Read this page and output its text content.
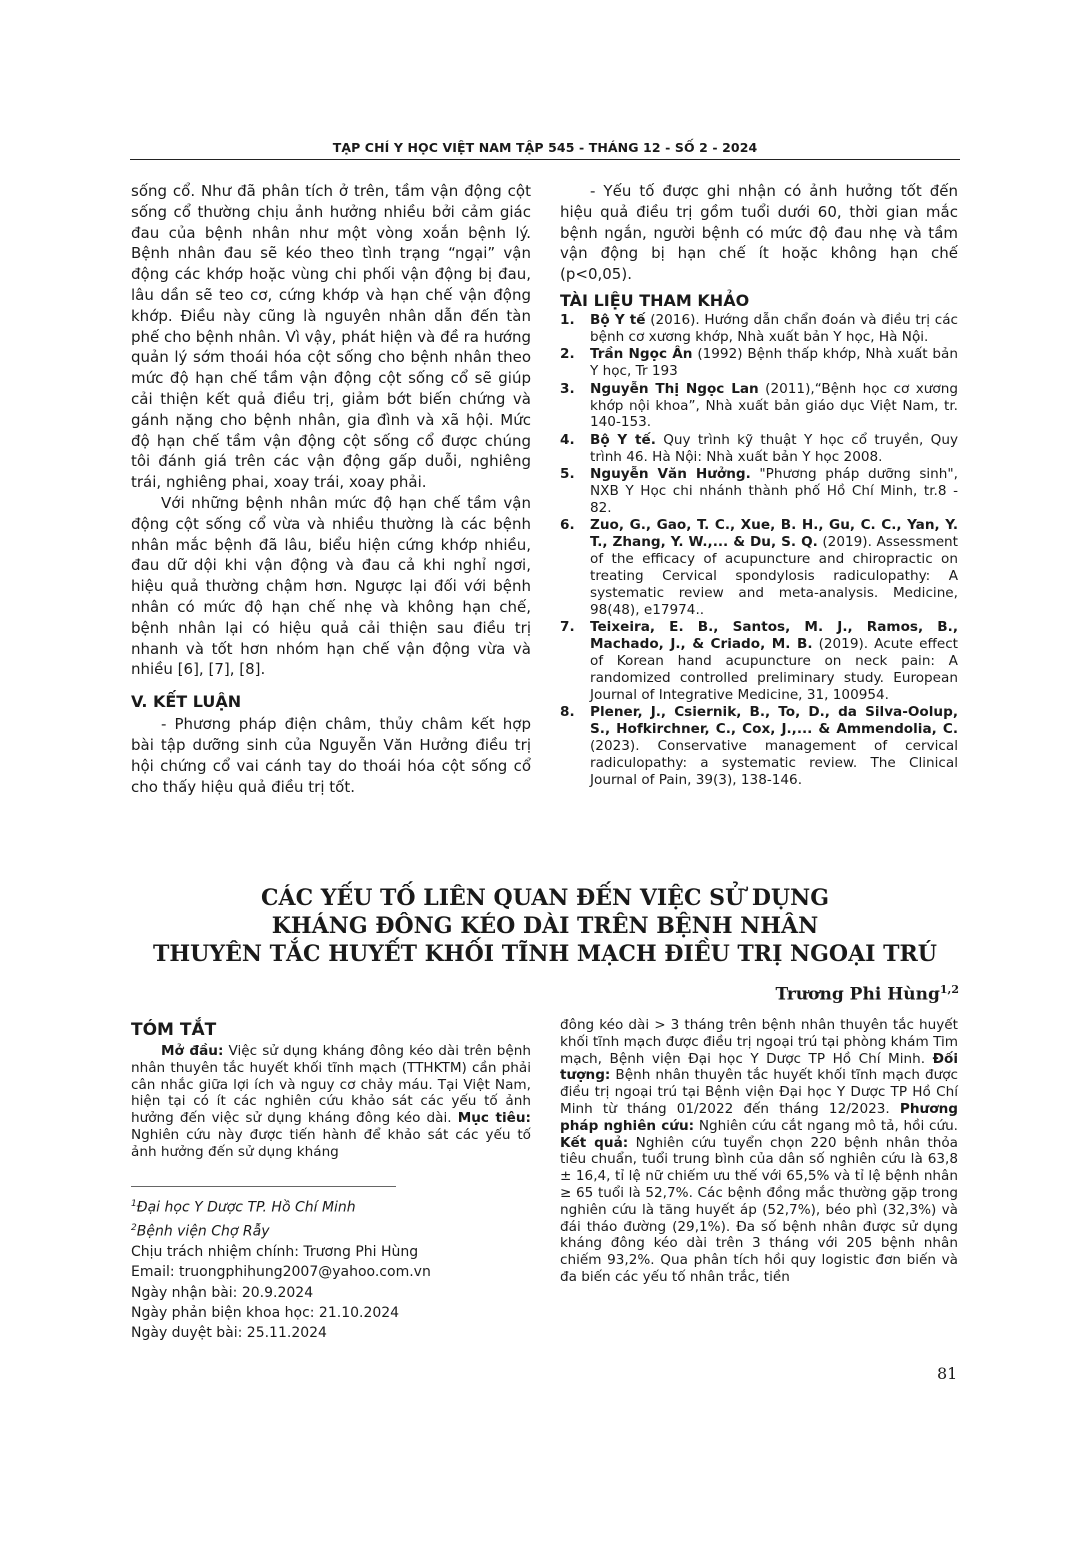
TẠP CHÍ Y HỌC VIỆT NAM TẬP 545 - THÁNG 12 - SỐ 2 - 2024

sống cổ. Như đã phân tích ở trên, tầm vận động cột sống cổ thường chịu ảnh hưởng nhiều bởi cảm giác đau của bệnh nhân như một vòng xoắn bệnh lý. Bệnh nhân đau sẽ kéo theo tình trạng “ngại” vận động các khớp hoặc vùng chi phối vận động bị đau, lâu dần sẽ teo cơ, cứng khớp và hạn chế vận động khớp. Điều này cũng là nguyên nhân dẫn đến tàn phế cho bệnh nhân. Vì vậy, phát hiện và đề ra hướng quản lý sớm thoái hóa cột sống cho bệnh nhân theo mức độ hạn chế tầm vận động cột sống cổ sẽ giúp cải thiện kết quả điều trị, giảm bớt biến chứng và gánh nặng cho bệnh nhân, gia đình và xã hội. Mức độ hạn chế tầm vận động cột sống cổ được chúng tôi đánh giá trên các vận động gấp duỗi, nghiêng trái, nghiêng phai, xoay trái, xoay phải.

Với những bệnh nhân mức độ hạn chế tầm vận động cột sống cổ vừa và nhiều thường là các bệnh nhân mắc bệnh đã lâu, biểu hiện cứng khớp nhiều, đau dữ dội khi vận động và đau cả khi nghỉ ngơi, hiệu quả thường chậm hơn. Ngược lại đối với bệnh nhân có mức độ hạn chế nhẹ và không hạn chế, bệnh nhân lại có hiệu quả cải thiện sau điều trị nhanh và tốt hơn nhóm hạn chế vận động vừa và nhiều [6], [7], [8].

V. KẾT LUẬN

- Phương pháp điện châm, thủy châm kết hợp bài tập dưỡng sinh của Nguyễn Văn Hưởng điều trị hội chứng cổ vai cánh tay do thoái hóa cột sống cổ cho thấy hiệu quả điều trị tốt.

- Yếu tố được ghi nhận có ảnh hưởng tốt đến hiệu quả điều trị gồm tuổi dưới 60, thời gian mắc bệnh ngắn, người bệnh có mức độ đau nhẹ và tầm vận động bị hạn chế ít hoặc không hạn chế (p<0,05).

TÀI LIỆU THAM KHẢO
1.	Bộ Y tế (2016). Hướng dẫn chẩn đoán và điều trị các bệnh cơ xương khớp, Nhà xuất bản Y học, Hà Nội.
2.	Trần Ngọc Ân (1992) Bệnh thấp khớp, Nhà xuất bản Y học, Tr 193
3.	Nguyễn Thị Ngọc Lan (2011),“Bệnh học cơ xương khớp nội khoa”, Nhà xuất bản giáo dục Việt Nam, tr. 140-153.
4.	Bộ Y tế. Quy trình kỹ thuật Y học cổ truyền, Quy trình 46. Hà Nội: Nhà xuất bản Y học 2008.
5.	Nguyễn Văn Hưởng. "Phương pháp dưỡng sinh", NXB Y Học chi nhánh thành phố Hồ Chí Minh, tr.8 - 82.
6.	Zuo, G., Gao, T. C., Xue, B. H., Gu, C. C., Yan, Y. T., Zhang, Y. W.,... & Du, S. Q. (2019). Assessment of the efficacy of acupuncture and chiropractic on treating Cervical spondylosis radiculopathy: A systematic review and meta-analysis. Medicine, 98(48), e17974..
7.	Teixeira, E. B., Santos, M. J., Ramos, B., Machado, J., & Criado, M. B. (2019). Acute effect of Korean hand acupuncture on neck pain: A randomized controlled preliminary study. European Journal of Integrative Medicine, 31, 100954.
8.	Plener, J., Csiernik, B., To, D., da Silva-Oolup, S., Hofkirchner, C., Cox, J.,... & Ammendolia, C. (2023). Conservative management of cervical radiculopathy: a systematic review. The Clinical Journal of Pain, 39(3), 138-146.
CÁC YẾU TỐ LIÊN QUAN ĐẾN VIỆC SỬ DỤNG
KHÁNG ĐÔNG KÉO DÀI TRÊN BỆNH NHÂN
THUYÊN TẮC HUYẾT KHỐI TĨNH MẠCH ĐIỀU TRỊ NGOẠI TRÚ
Trương Phi Hùng$^{1,2}$
TÓM TẮT

Mở đầu: Việc sử dụng kháng đông kéo dài trên bệnh nhân thuyên tắc huyết khối tĩnh mạch (TTHKTM) cần phải cân nhắc giữa lợi ích và nguy cơ chảy máu. Tại Việt Nam, hiện tại có ít các nghiên cứu khảo sát các yếu tố ảnh hưởng đến việc sử dụng kháng đông kéo dài. Mục tiêu: Nghiên cứu này được tiến hành để khảo sát các yếu tố ảnh hưởng đến sử dụng kháng

$^1$Đại học Y Dược TP. Hồ Chí Minh
$^2$Bệnh viện Chợ Rẫy
Chịu trách nhiệm chính: Trương Phi Hùng
Email: truongphihung2007@yahoo.com.vn
Ngày nhận bài: 20.9.2024
Ngày phản biện khoa học: 21.10.2024
Ngày duyệt bài: 25.11.2024

đông kéo dài > 3 tháng trên bệnh nhân thuyên tắc huyết khối tĩnh mạch được điều trị ngoại trú tại phòng khám Tim mạch, Bệnh viện Đại học Y Dược TP Hồ Chí Minh. Đối tượng: Bệnh nhân thuyên tắc huyết khối tĩnh mạch được điều trị ngoại trú tại Bệnh viện Đại học Y Dược TP Hồ Chí Minh từ tháng 01/2022 đến tháng 12/2023. Phương pháp nghiên cứu: Nghiên cứu cắt ngang mô tả, hồi cứu. Kết quả: Nghiên cứu tuyển chọn 220 bệnh nhân thỏa tiêu chuẩn, tuổi trung bình của dân số nghiên cứu là 63,8 ± 16,4, tỉ lệ nữ chiếm ưu thế với 65,5% và tỉ lệ bệnh nhân ≥ 65 tuổi là 52,7%. Các bệnh đồng mắc thường gặp trong nghiên cứu là tăng huyết áp (52,7%), béo phì (32,3%) và đái tháo đường (29,1%). Đa số bệnh nhân được sử dụng kháng đông kéo dài trên 3 tháng với 205 bệnh nhân chiếm 93,2%. Qua phân tích hồi quy logistic đơn biến và đa biến các yếu tố nhân trắc, tiền

81
